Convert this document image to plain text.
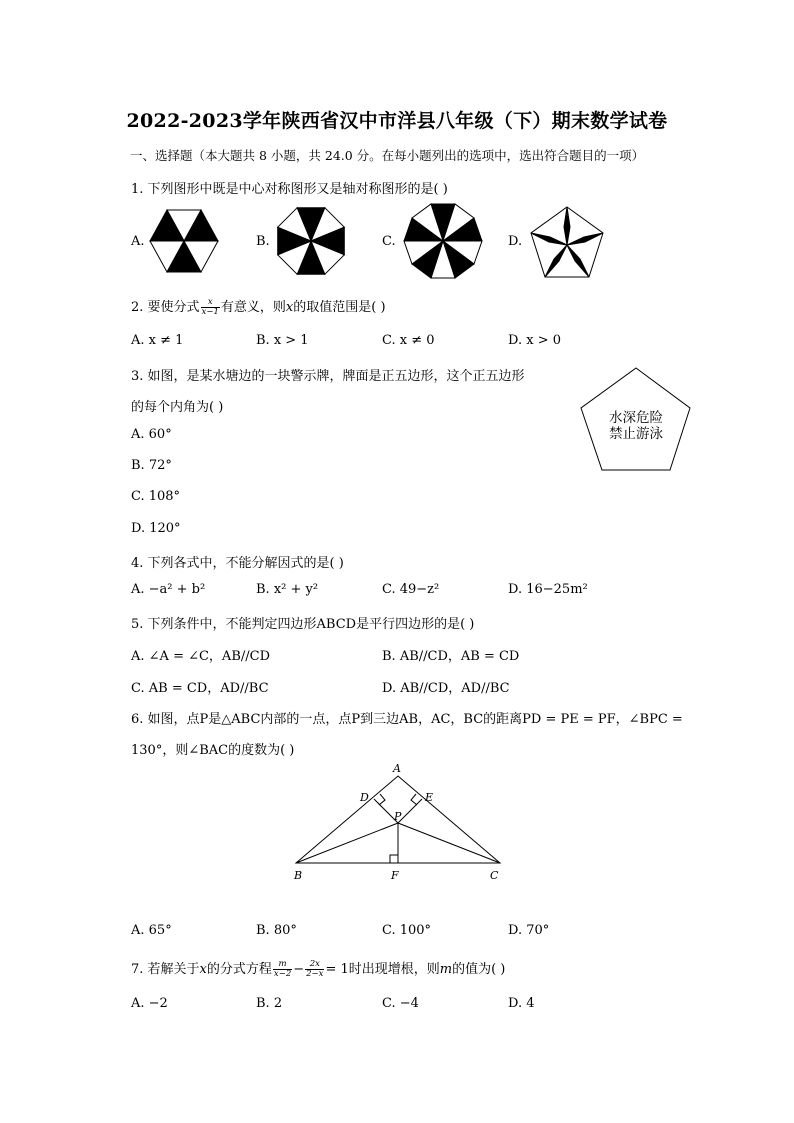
2022-2023学年陕西省汉中市洋县八年级（下）期末数学试卷
一、选择题（本大题共 8 小题，共 24.0 分。在每小题列出的选项中，选出符合题目的一项）
1. 下列图形中既是中心对称图形又是轴对称图形的是( )
A.	B.	C.	D.
2. 要使分式 $\frac{x}{x-1}$ 有意义，则x的取值范围是( )
A. x ≠ 1	B. x > 1	C. x ≠ 0	D. x > 0
3. 如图，是某水塘边的一块警示牌，牌面是正五边形，这个正五边形
的每个内角为( )
A. 60°
B. 72°
C. 108°
D. 120°
水深危险
禁止游泳
4. 下列各式中，不能分解因式的是( )
A. −a² + b²	B. x² + y²	C. 49−z²	D. 16−25m²
5. 下列条件中，不能判定四边形ABCD是平行四边形的是( )
A. ∠A = ∠C，AB//CD	B. AB//CD，AB = CD
C. AB = CD，AD//BC	D. AB//CD，AD//BC
6. 如图，点P是△ABC内部的一点，点P到三边AB，AC，BC的距离PD = PE = PF，∠BPC =
130°，则∠BAC的度数为( )
A
D	E
P
B	F	C
A. 65°	B. 80°	C. 100°	D. 70°
7. 若解关于x的分式方程 $\frac{m}{x-2} - \frac{2x}{2-x} = 1$时出现增根，则m的值为( )
A. −2	B. 2	C. −4	D. 4
